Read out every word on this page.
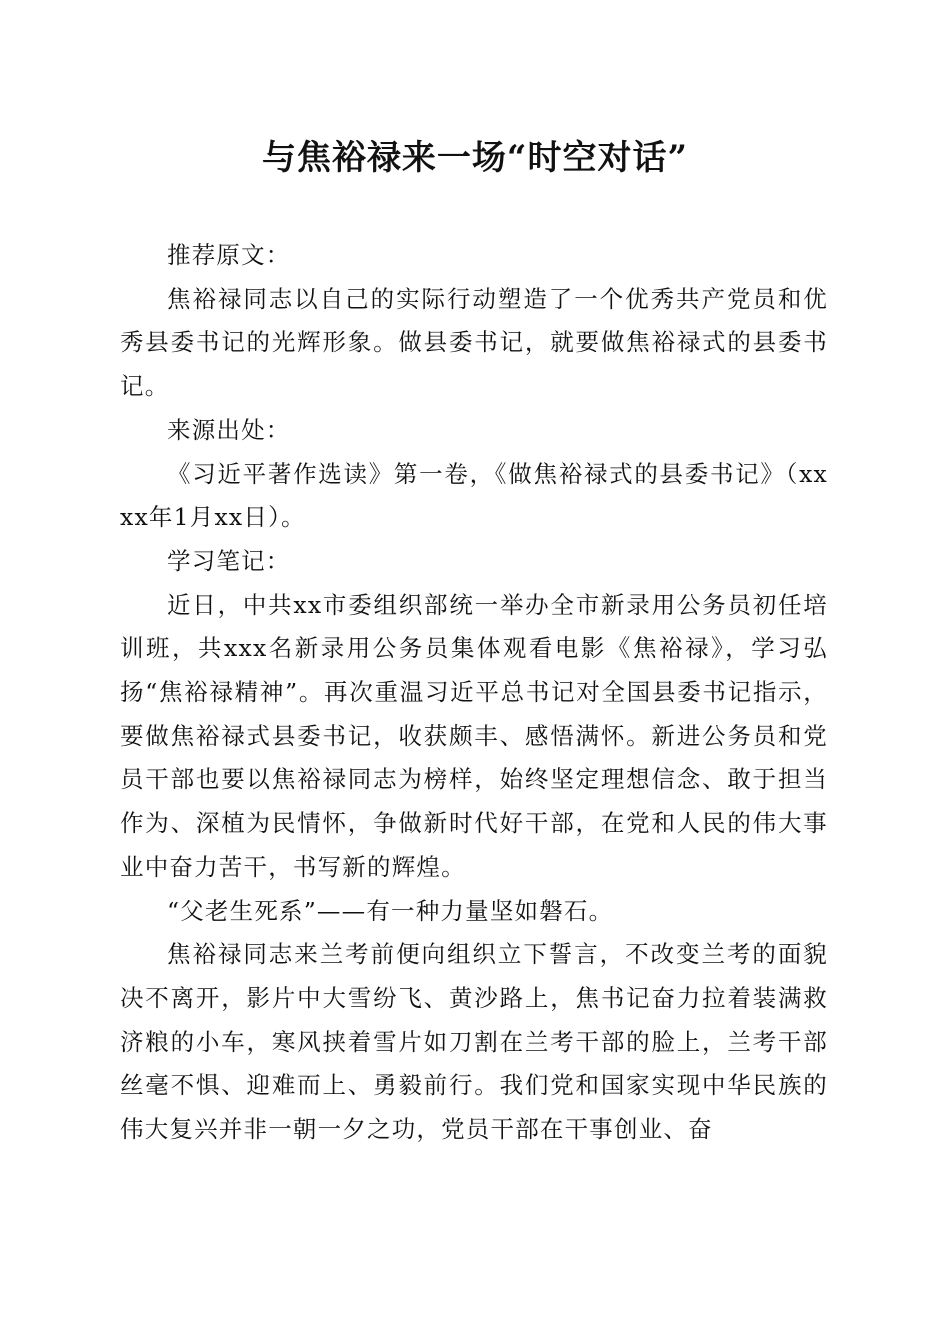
与焦裕禄来一场“时空对话”

推荐原文：

焦裕禄同志以自己的实际行动塑造了一个优秀共产党员和优秀县委书记的光辉形象。做县委书记，就要做焦裕禄式的县委书记。

来源出处：

《习近平著作选读》第一卷，《做焦裕禄式的县委书记》（xxxx年1月xx日）。

学习笔记：

近日，中共xx市委组织部统一举办全市新录用公务员初任培训班，共xxx名新录用公务员集体观看电影《焦裕禄》，学习弘扬“焦裕禄精神”。再次重温习近平总书记对全国县委书记指示，要做焦裕禄式县委书记，收获颇丰、感悟满怀。新进公务员和党员干部也要以焦裕禄同志为榜样，始终坚定理想信念、敢于担当作为、深植为民情怀，争做新时代好干部，在党和人民的伟大事业中奋力苦干，书写新的辉煌。

“父老生死系”——有一种力量坚如磐石。

焦裕禄同志来兰考前便向组织立下誓言，不改变兰考的面貌决不离开，影片中大雪纷飞、黄沙路上，焦书记奋力拉着装满救济粮的小车，寒风挟着雪片如刀割在兰考干部的脸上，兰考干部丝毫不惧、迎难而上、勇毅前行。我们党和国家实现中华民族的伟大复兴并非一朝一夕之功，党员干部在干事创业、奋
